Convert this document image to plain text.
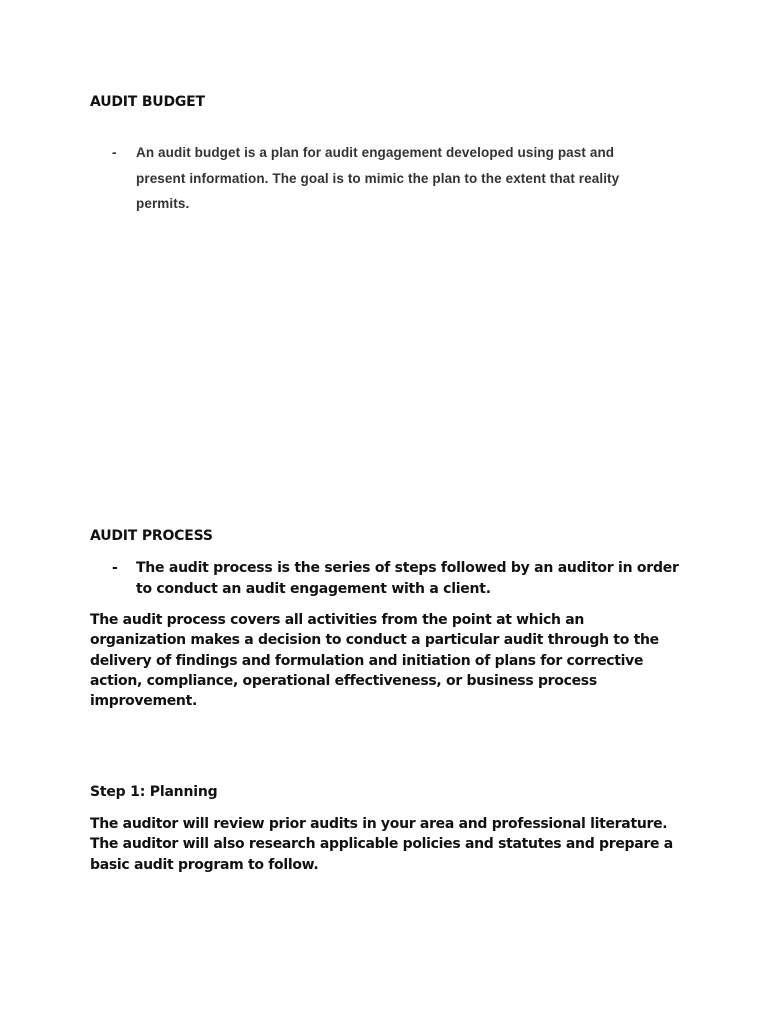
AUDIT BUDGET
-	An audit budget is a plan for audit engagement developed using past and present information. The goal is to mimic the plan to the extent that reality permits.
AUDIT PROCESS
-	The audit process is the series of steps followed by an auditor in order to conduct an audit engagement with a client.

The audit process covers all activities from the point at which an organization makes a decision to conduct a particular audit through to the delivery of findings and formulation and initiation of plans for corrective action, compliance, operational effectiveness, or business process improvement.

Step 1: Planning

The auditor will review prior audits in your area and professional literature. The auditor will also research applicable policies and statutes and prepare a basic audit program to follow.
